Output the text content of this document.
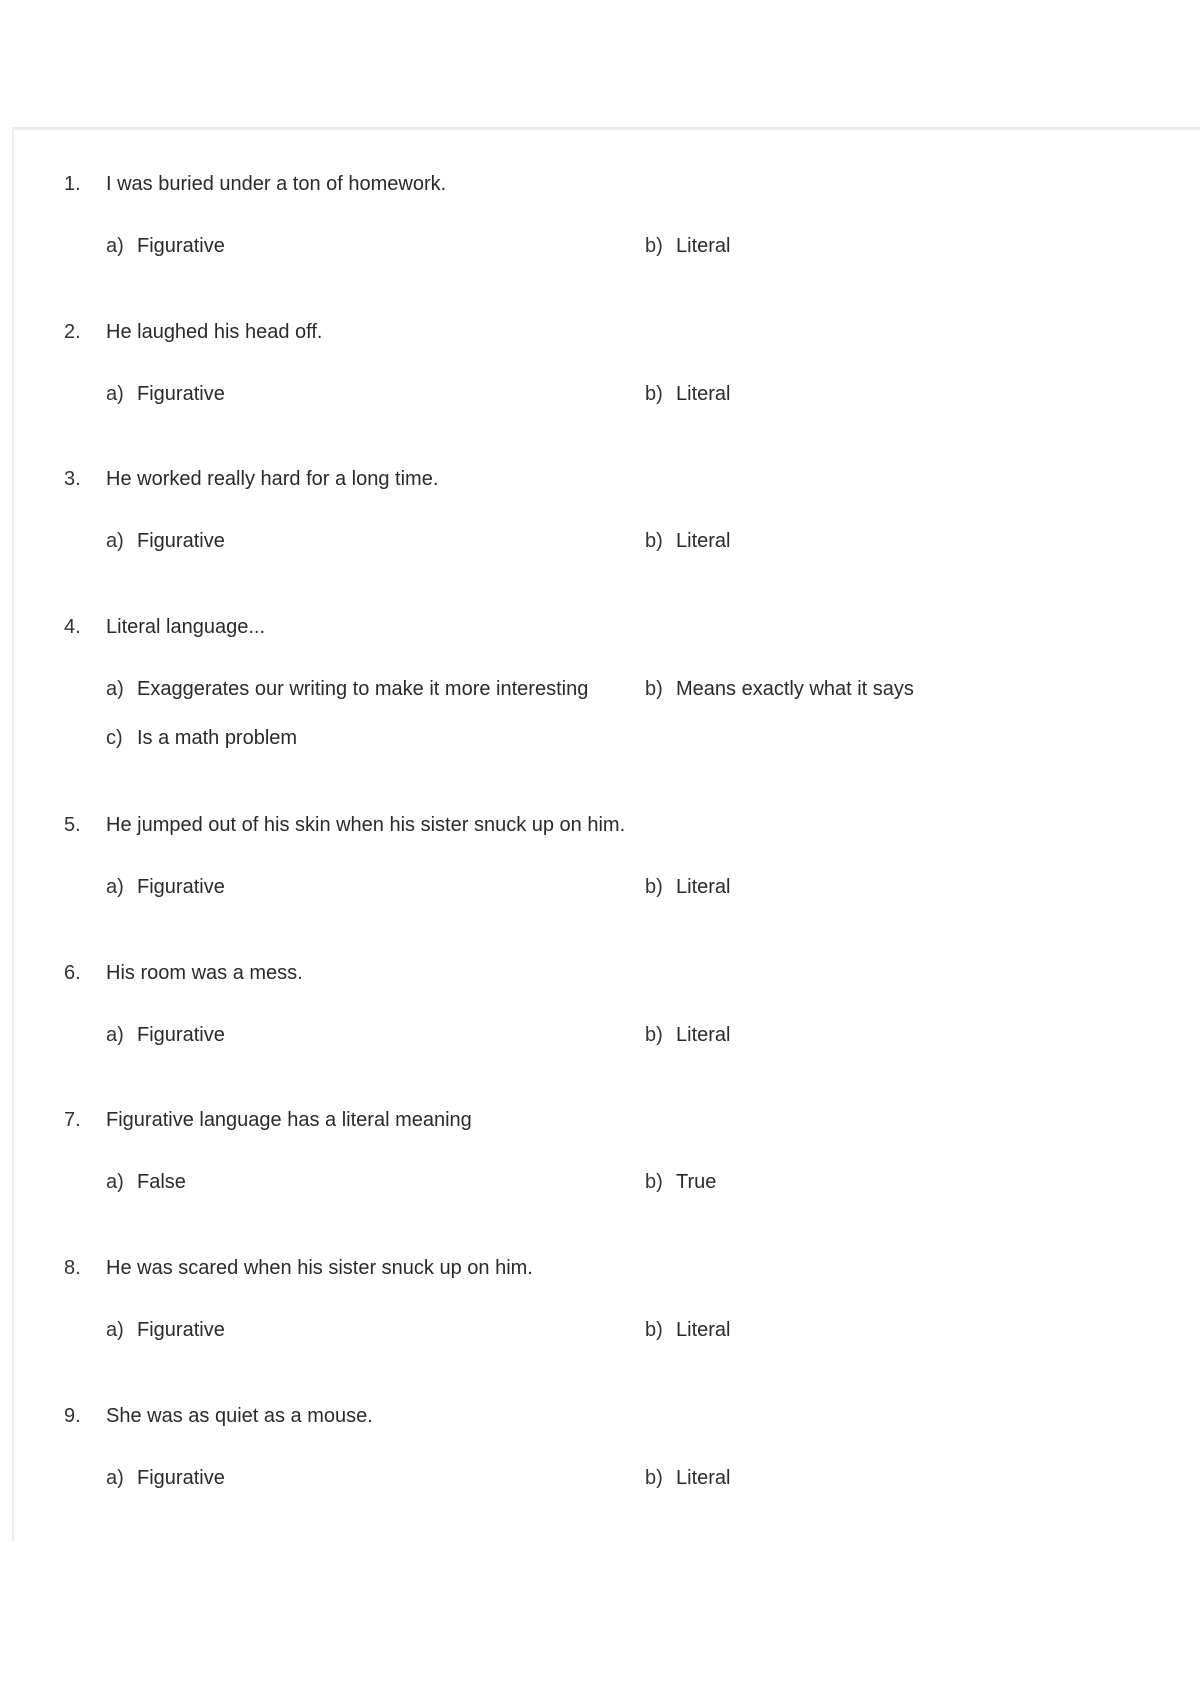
1. I was buried under a ton of homework.
a) Figurative	b) Literal
2. He laughed his head off.
a) Figurative	b) Literal
3. He worked really hard for a long time.
a) Figurative	b) Literal
4. Literal language...
a) Exaggerates our writing to make it more interesting	b) Means exactly what it says
c) Is a math problem
5. He jumped out of his skin when his sister snuck up on him.
a) Figurative	b) Literal
6. His room was a mess.
a) Figurative	b) Literal
7. Figurative language has a literal meaning
a) False	b) True
8. He was scared when his sister snuck up on him.
a) Figurative	b) Literal
9. She was as quiet as a mouse.
a) Figurative	b) Literal
